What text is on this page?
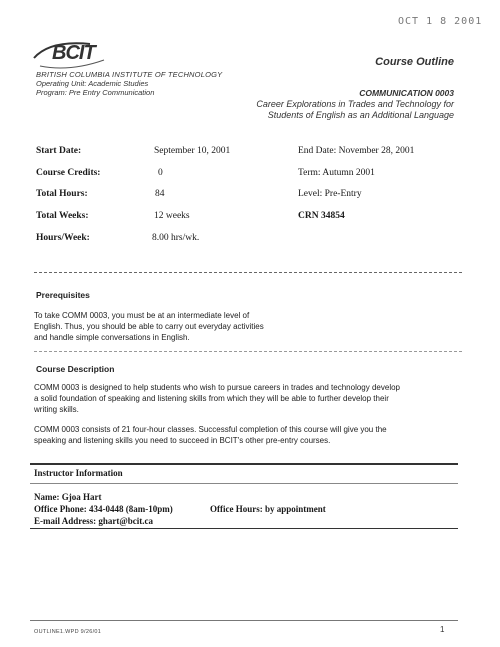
OCT 1 8 2001
BCIT
BRITISH COLUMBIA INSTITUTE OF TECHNOLOGY
Operating Unit: Academic Studies
Program: Pre Entry Communication
Course Outline
COMMUNICATION 0003
Career Explorations in Trades and Technology for Students of English as an Additional Language
Start Date:
Course Credits:
Total Hours:
Total Weeks:
Hours/Week:
September 10, 2001
0
84
12 weeks
8.00 hrs/wk.
End Date: November 28, 2001
Term: Autumn 2001
Level: Pre-Entry
CRN 34854
Prerequisites
To take COMM 0003, you must be at an intermediate level of
English. Thus, you should be able to carry out everyday activities
and handle simple conversations in English.
Course Description
COMM 0003 is designed to help students who wish to pursue careers in trades and technology develop
a solid foundation of speaking and listening skills from which they will be able to further develop their
writing skills.
COMM 0003 consists of 21 four-hour classes. Successful completion of this course will give you the
speaking and listening skills you need to succeed in BCIT's other pre-entry courses.
Instructor Information
Name: Gjoa Hart
Office Phone: 434-0448 (8am-10pm)	Office Hours: by appointment
E-mail Address: ghart@bcit.ca
OUTLINE1.WPD 9/26/01	1
